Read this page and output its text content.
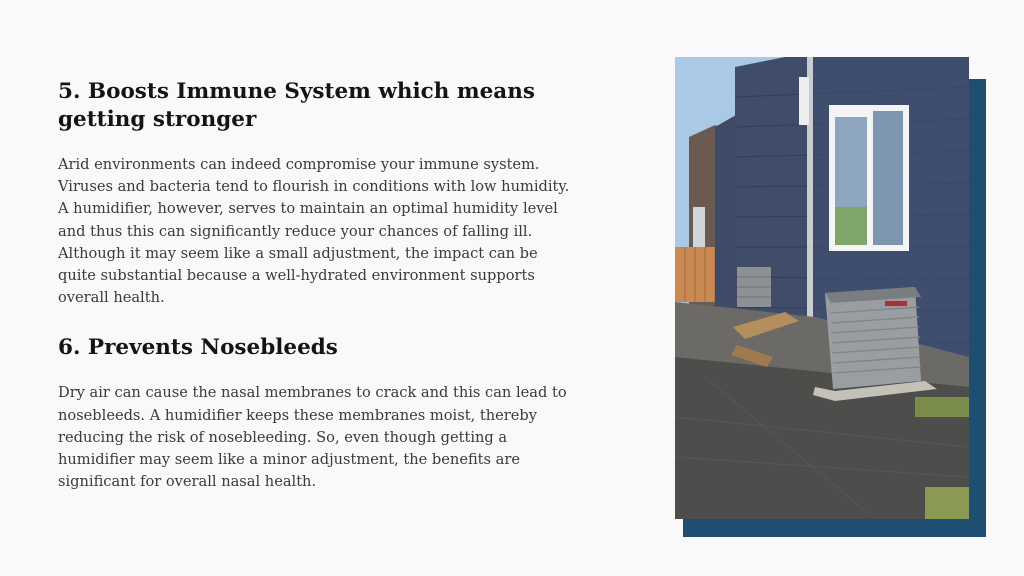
5. Boosts Immune System which means getting stronger

Arid environments can indeed compromise your immune system. Viruses and bacteria tend to flourish in conditions with low humidity. A humidifier, however, serves to maintain an optimal humidity level and thus this can significantly reduce your chances of falling ill. Although it may seem like a small adjustment, the impact can be quite substantial because a well-hydrated environment supports overall health.

6. Prevents Nosebleeds

Dry air can cause the nasal membranes to crack and this can lead to nosebleeds. A humidifier keeps these membranes moist, thereby reducing the risk of nosebleeding. So, even though getting a humidifier may seem like a minor adjustment, the benefits are significant for overall nasal health.
